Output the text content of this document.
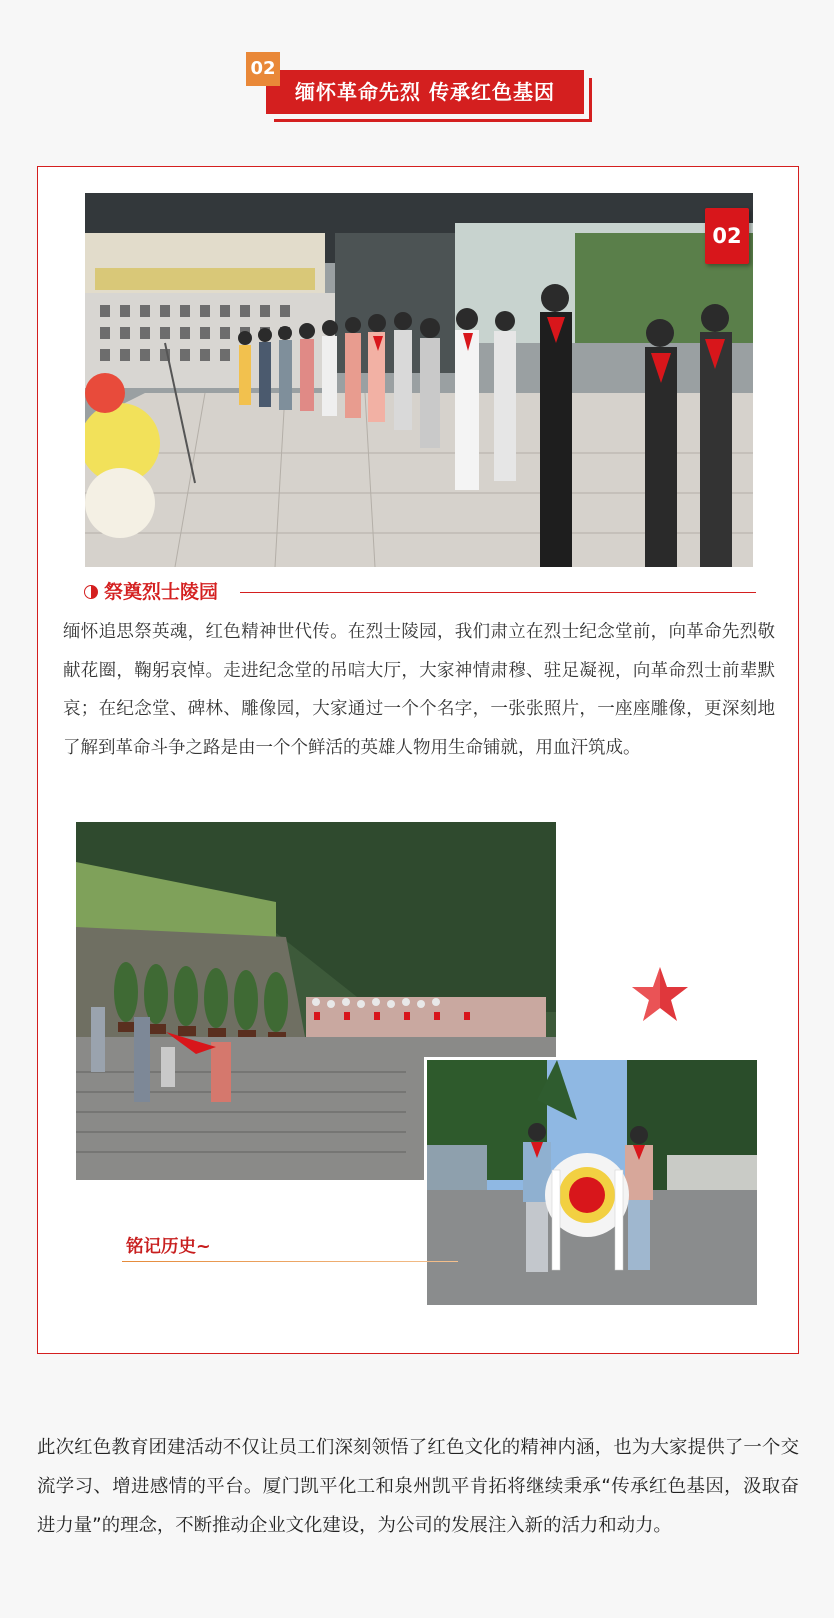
缅怀革命先烈 传承红色基因
02
02
祭奠烈士陵园

缅怀追思祭英魂，红色精神世代传。在烈士陵园，我们肃立在烈士纪念堂前，向革命先烈敬献花圈，鞠躬哀悼。走进纪念堂的吊唁大厅，大家神情肃穆、驻足凝视，向革命烈士前辈默哀；在纪念堂、碑林、雕像园，大家通过一个个名字，一张张照片，一座座雕像，更深刻地了解到革命斗争之路是由一个个鲜活的英雄人物用生命铺就，用血汗筑成。

铭记历史~

此次红色教育团建活动不仅让员工们深刻领悟了红色文化的精神内涵，也为大家提供了一个交流学习、增进感情的平台。厦门凯平化工和泉州凯平肯拓将继续秉承“传承红色基因，汲取奋进力量”的理念，不断推动企业文化建设，为公司的发展注入新的活力和动力。
